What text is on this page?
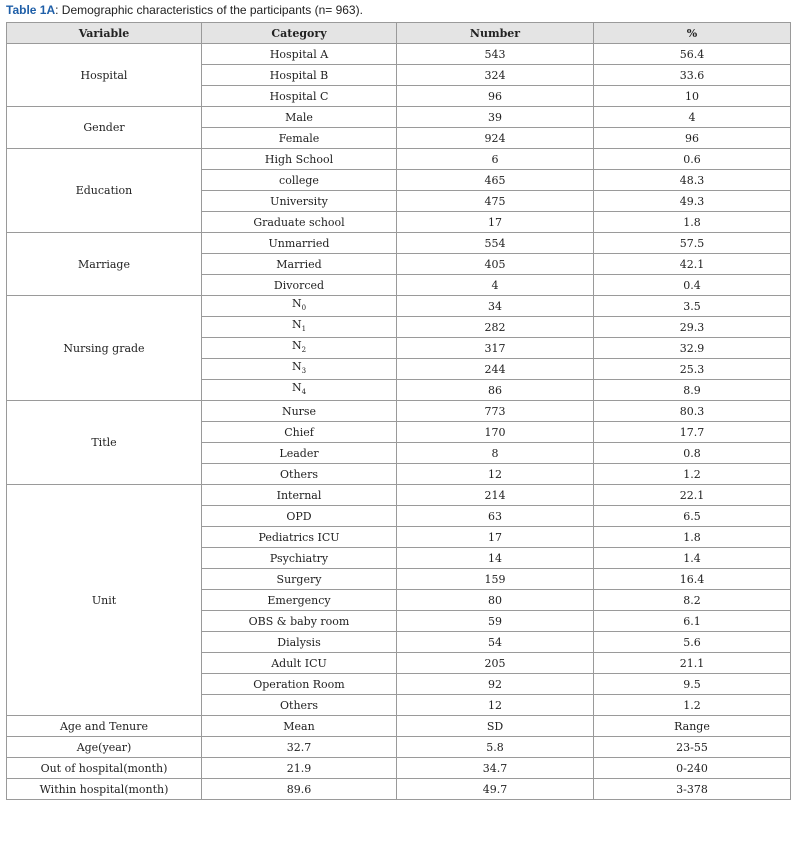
Table 1A: Demographic characteristics of the participants (n= 963).
Variable	Category	Number	%
Hospital	Hospital A	543	56.4
	Hospital B	324	33.6
	Hospital C	96	10
Gender	Male	39	4
	Female	924	96
Education	High School	6	0.6
	college	465	48.3
	University	475	49.3
	Graduate school	17	1.8
Marriage	Unmarried	554	57.5
	Married	405	42.1
	Divorced	4	0.4
Nursing grade	$N_0$	34	3.5
	$N_1$	282	29.3
	$N_2$	317	32.9
	$N_3$	244	25.3
	$N_4$	86	8.9
Title	Nurse	773	80.3
	Chief	170	17.7
	Leader	8	0.8
	Others	12	1.2
Unit	Internal	214	22.1
	OPD	63	6.5
	Pediatrics ICU	17	1.8
	Psychiatry	14	1.4
	Surgery	159	16.4
	Emergency	80	8.2
	OBS & baby room	59	6.1
	Dialysis	54	5.6
	Adult ICU	205	21.1
	Operation Room	92	9.5
	Others	12	1.2
Age and Tenure	Mean	SD	Range
Age(year)	32.7	5.8	23-55
Out of hospital(month)	21.9	34.7	0-240
Within hospital(month)	89.6	49.7	3-378
